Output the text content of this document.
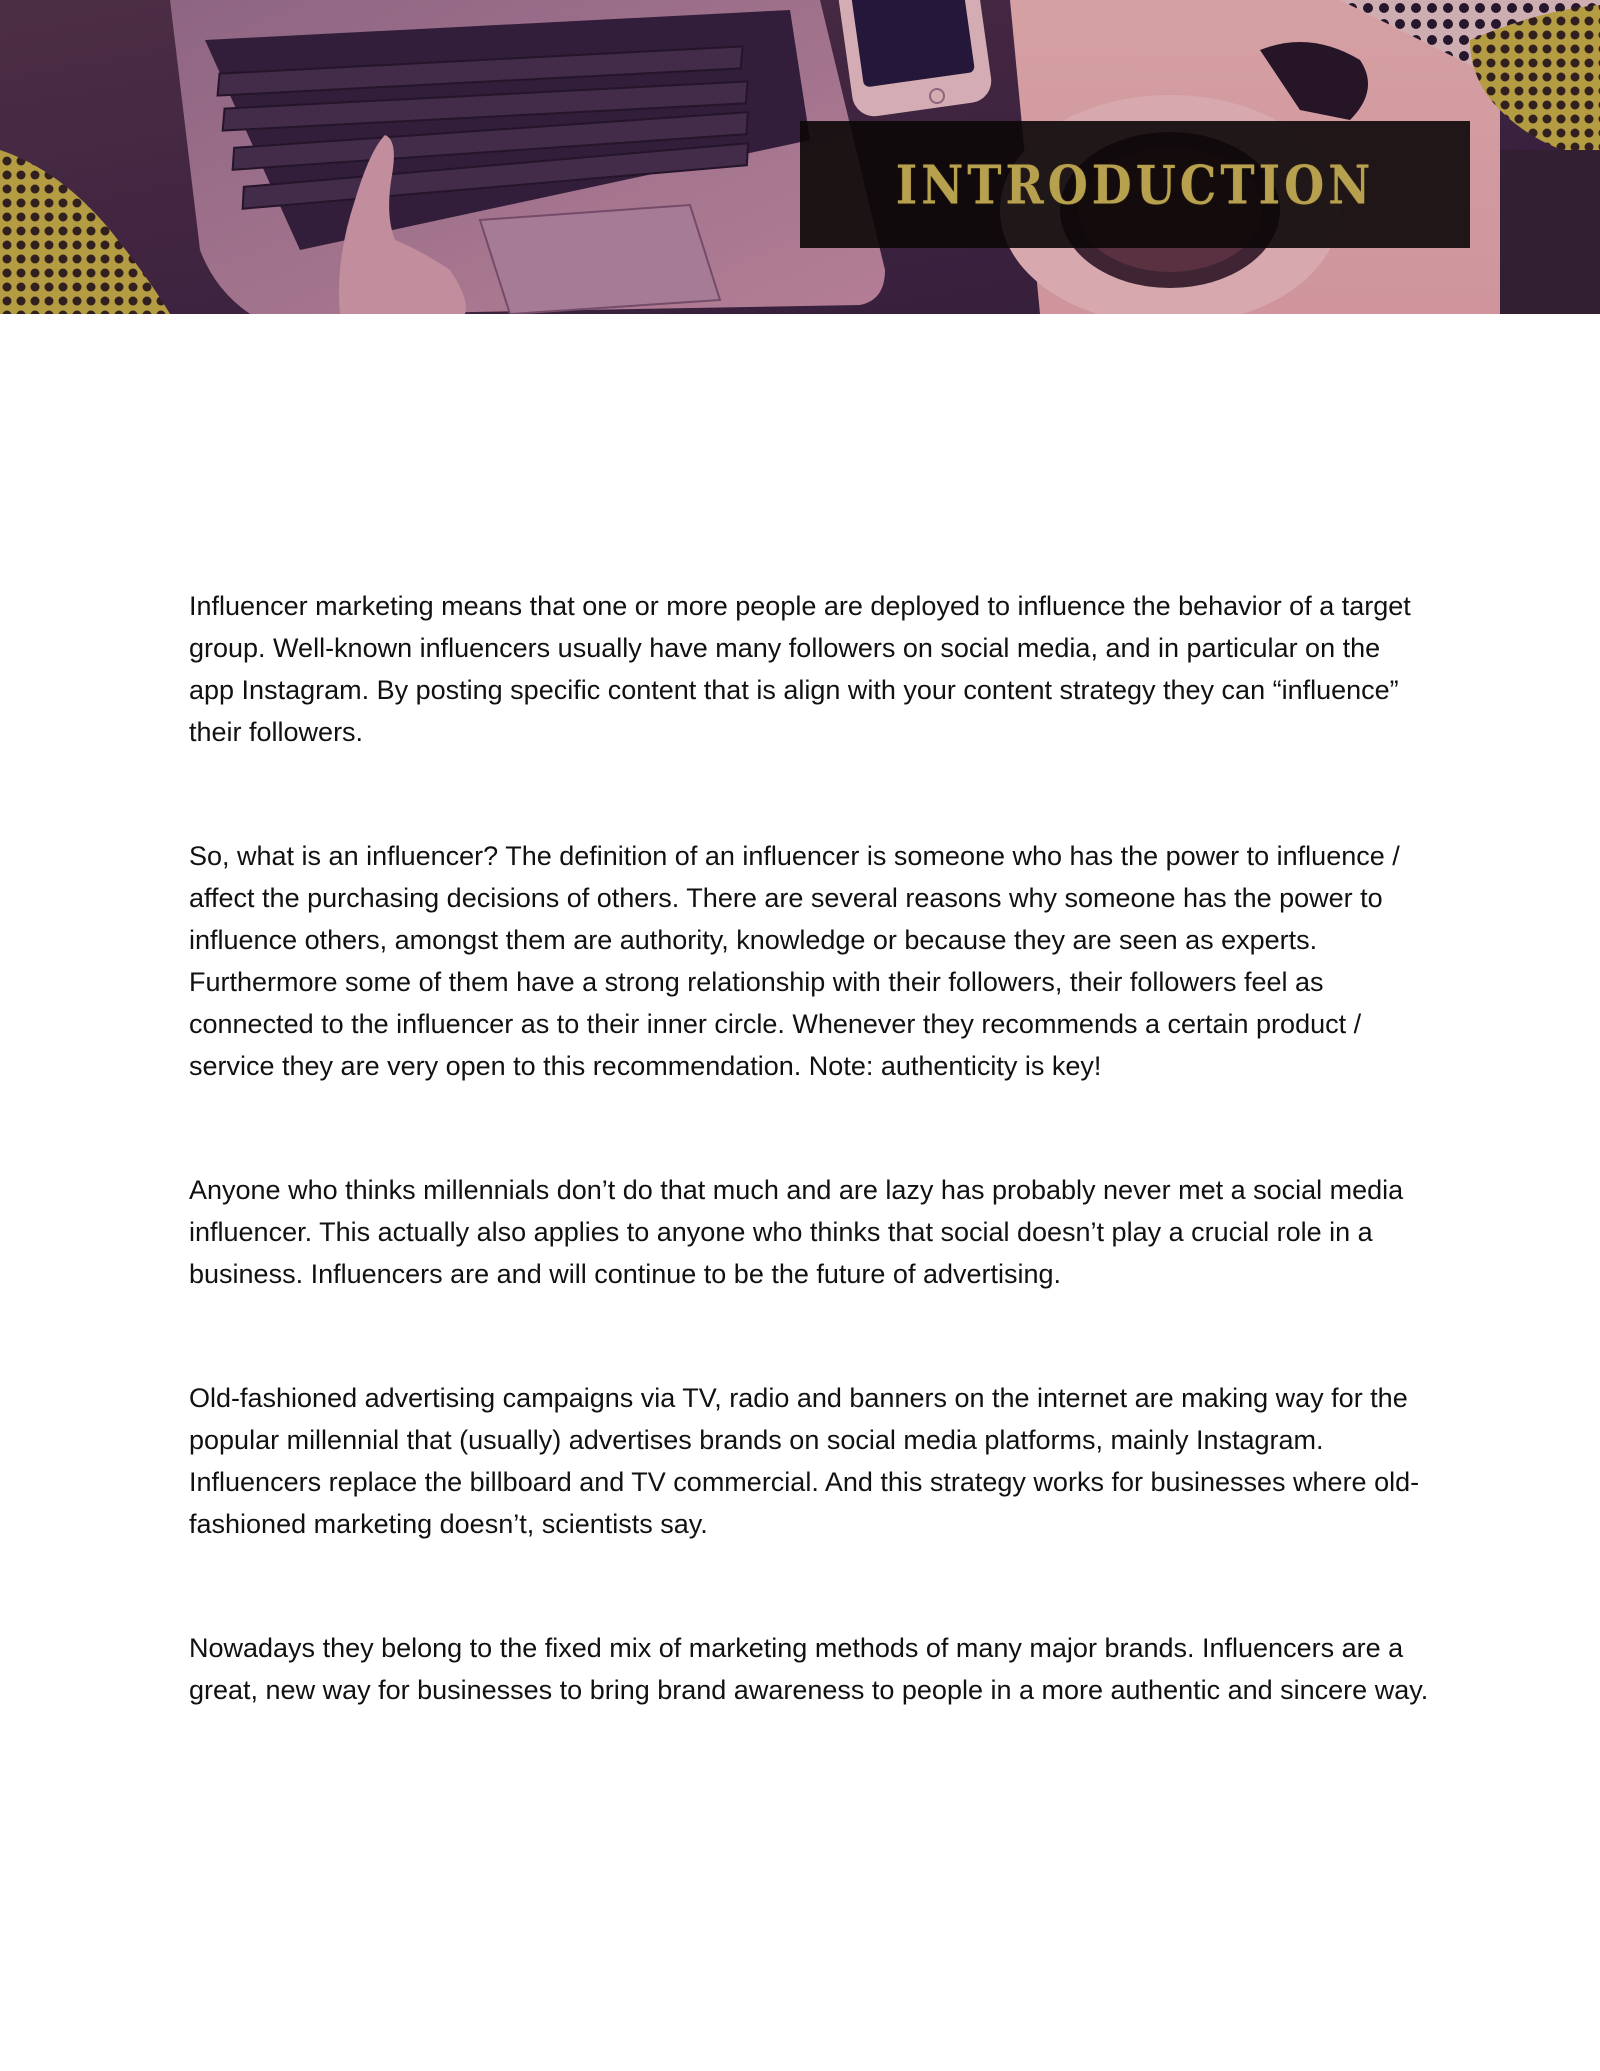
INTRODUCTION

Influencer marketing means that one or more people are deployed to influence the behavior of a target group. Well-known influencers usually have many followers on social media, and in particular on the app Instagram. By posting specific content that is align with your content strategy they can “influence” their followers.

So, what is an influencer? The definition of an influencer is someone who has the power to influence / affect the purchasing decisions of others. There are several reasons why someone has the power to influence others, amongst them are authority, knowledge or because they are seen as experts. Furthermore some of them have a strong relationship with their followers, their followers feel as connected to the influencer as to their inner circle. Whenever they recommends a certain product / service they are very open to this recommendation. Note: authenticity is key!

Anyone who thinks millennials don’t do that much and are lazy has probably never met a social media influencer. This actually also applies to anyone who thinks that social doesn’t play a crucial role in a business. Influencers are and will continue to be the future of advertising.

Old-fashioned advertising campaigns via TV, radio and banners on the internet are making way for the popular millennial that (usually) advertises brands on social media platforms, mainly Instagram. Influencers replace the billboard and TV commercial. And this strategy works for businesses where old-fashioned marketing doesn’t, scientists say.

Nowadays they belong to the fixed mix of marketing methods of many major brands. Influencers are a great, new way for businesses to bring brand awareness to people in a more authentic and sincere way.
